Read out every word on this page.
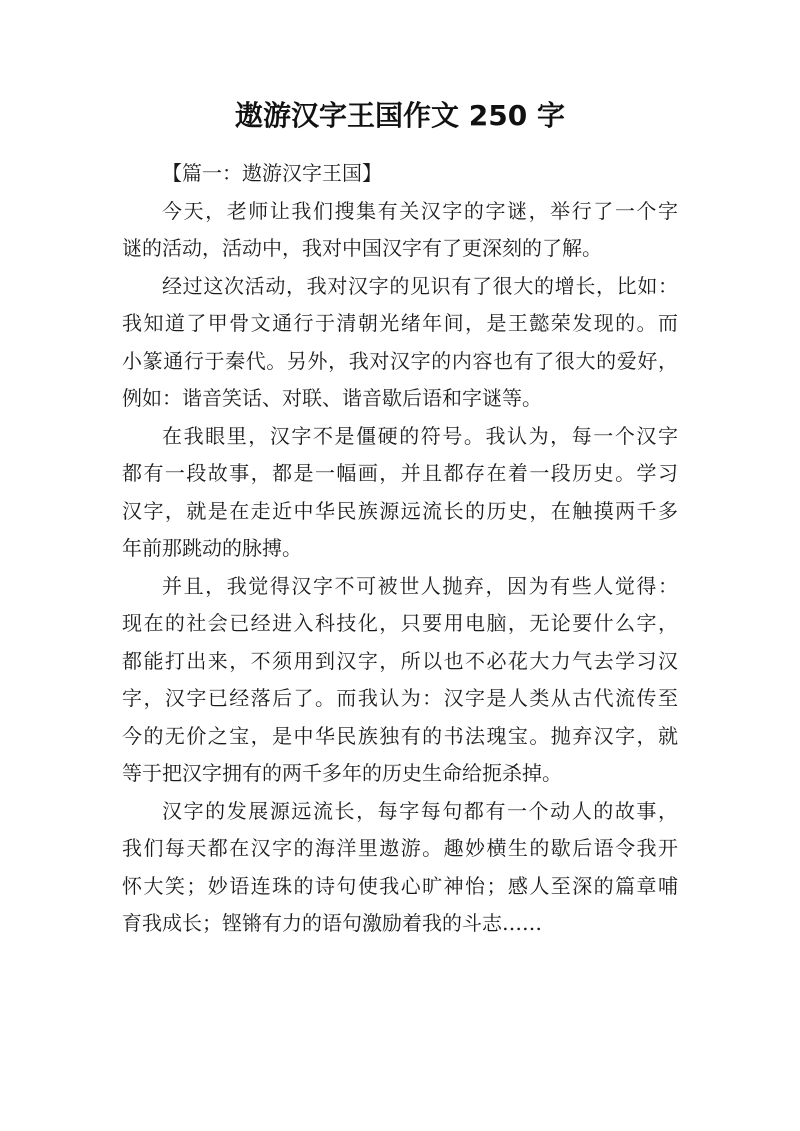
遨游汉字王国作文 250 字
【篇一：遨游汉字王国】
今天，老师让我们搜集有关汉字的字谜，举行了一个字
谜的活动，活动中，我对中国汉字有了更深刻的了解。
经过这次活动，我对汉字的见识有了很大的增长，比如：
我知道了甲骨文通行于清朝光绪年间，是王懿荣发现的。而
小篆通行于秦代。另外，我对汉字的内容也有了很大的爱好，
例如：谐音笑话、对联、谐音歇后语和字谜等。
在我眼里，汉字不是僵硬的符号。我认为，每一个汉字
都有一段故事，都是一幅画，并且都存在着一段历史。学习
汉字，就是在走近中华民族源远流长的历史，在触摸两千多
年前那跳动的脉搏。
并且，我觉得汉字不可被世人抛弃，因为有些人觉得：
现在的社会已经进入科技化，只要用电脑，无论要什么字，
都能打出来，不须用到汉字，所以也不必花大力气去学习汉
字，汉字已经落后了。而我认为：汉字是人类从古代流传至
今的无价之宝，是中华民族独有的书法瑰宝。抛弃汉字，就
等于把汉字拥有的两千多年的历史生命给扼杀掉。
汉字的发展源远流长，每字每句都有一个动人的故事，
我们每天都在汉字的海洋里遨游。趣妙横生的歇后语令我开
怀大笑；妙语连珠的诗句使我心旷神怡；感人至深的篇章哺
育我成长；铿锵有力的语句激励着我的斗志……
